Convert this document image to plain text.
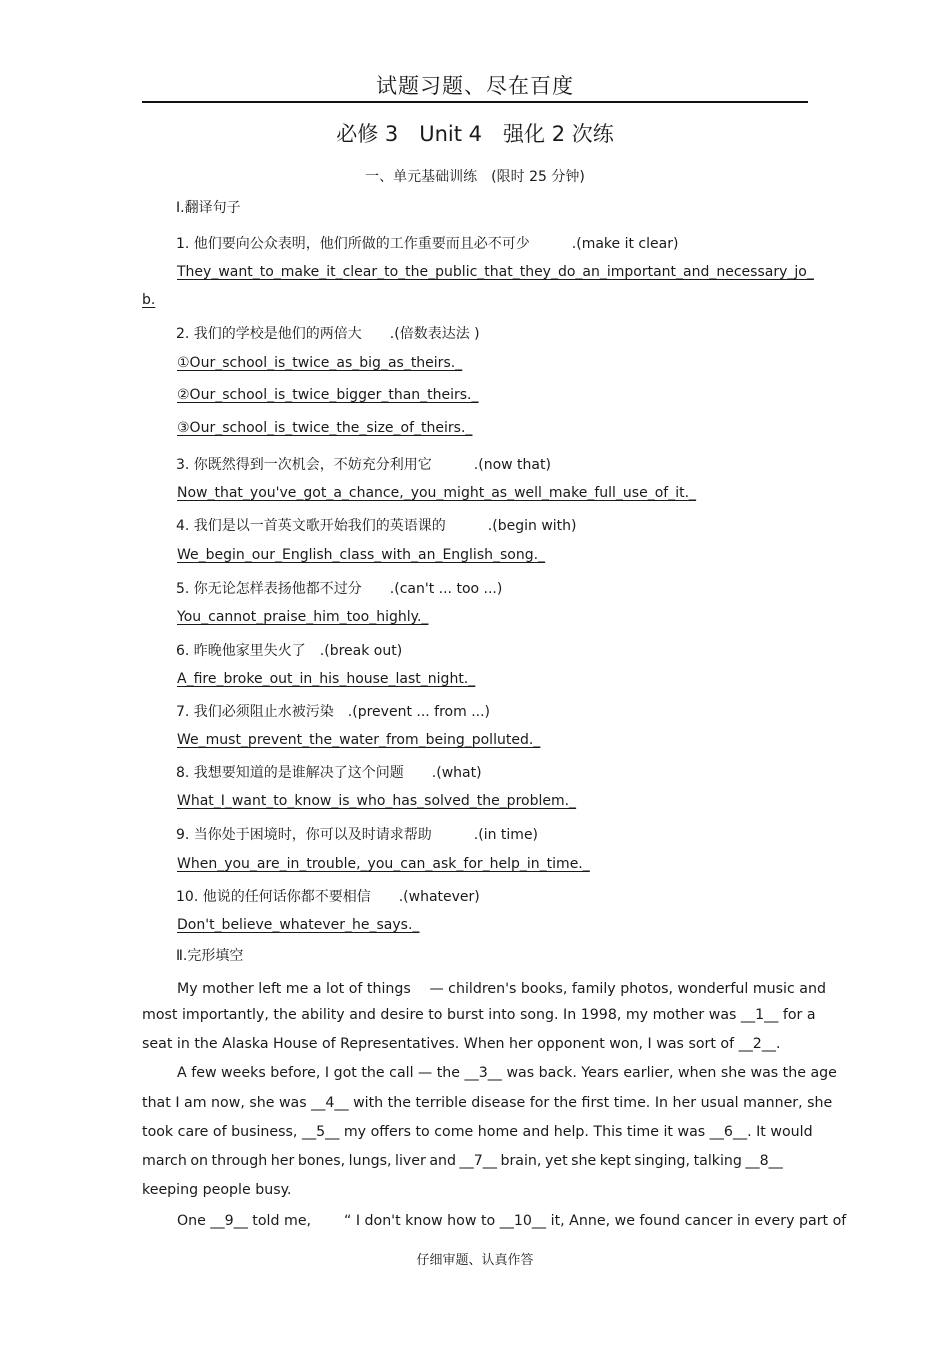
试题习题、尽在百度
必修 3　Unit 4　强化 2 次练
一、单元基础训练　(限时 25 分钟)
Ⅰ.翻译句子
1. 他们要向公众表明，他们所做的工作重要而且必不可少　　　.(make it clear)
They_want_to_make_it_clear_to_the_public_that_they_do_an_important_and_necessary_jo_
b.
2. 我们的学校是他们的两倍大　　.(倍数表达法 )
①Our_school_is_twice_as_big_as_theirs._
②Our_school_is_twice_bigger_than_theirs._
③Our_school_is_twice_the_size_of_theirs._
3. 你既然得到一次机会，不妨充分利用它　　　.(now that)
Now_that_you've_got_a_chance,_you_might_as_well_make_full_use_of_it._
4. 我们是以一首英文歌开始我们的英语课的　　　.(begin with)
We_begin_our_English_class_with_an_English_song._
5. 你无论怎样表扬他都不过分　　.(can't ... too ...)
You_cannot_praise_him_too_highly._
6. 昨晚他家里失火了　.(break out)
A_fire_broke_out_in_his_house_last_night._
7. 我们必须阻止水被污染　.(prevent ... from ...)
We_must_prevent_the_water_from_being_polluted._
8. 我想要知道的是谁解决了这个问题　　.(what)
What_I_want_to_know_is_who_has_solved_the_problem._
9. 当你处于困境时，你可以及时请求帮助　　　.(in time)
When_you_are_in_trouble,_you_can_ask_for_help_in_time._
10. 他说的任何话你都不要相信　　.(whatever)
Don't_believe_whatever_he_says._
Ⅱ.完形填空
My mother left me a lot of things　 — children's books, family photos, wonderful music and
most importantly, the ability and desire to burst into song. In 1998, my mother was __1__ for a
seat in the Alaska House of Representatives. When her opponent won, I was sort of __2__.
A few weeks before, I got the call — the __3__ was back. Years earlier, when she was the age
that I am now, she was __4__ with the terrible disease for the first time. In her usual manner, she
took care of business, __5__ my offers to come home and help. This time it was __6__. It would
march on through her bones, lungs, liver and __7__ brain, yet she kept singing, talking __8__
keeping people busy.
One __9__ told me,　　 “ I don't know how to __10__ it, Anne, we found cancer in every part of
仔细审题、认真作答
